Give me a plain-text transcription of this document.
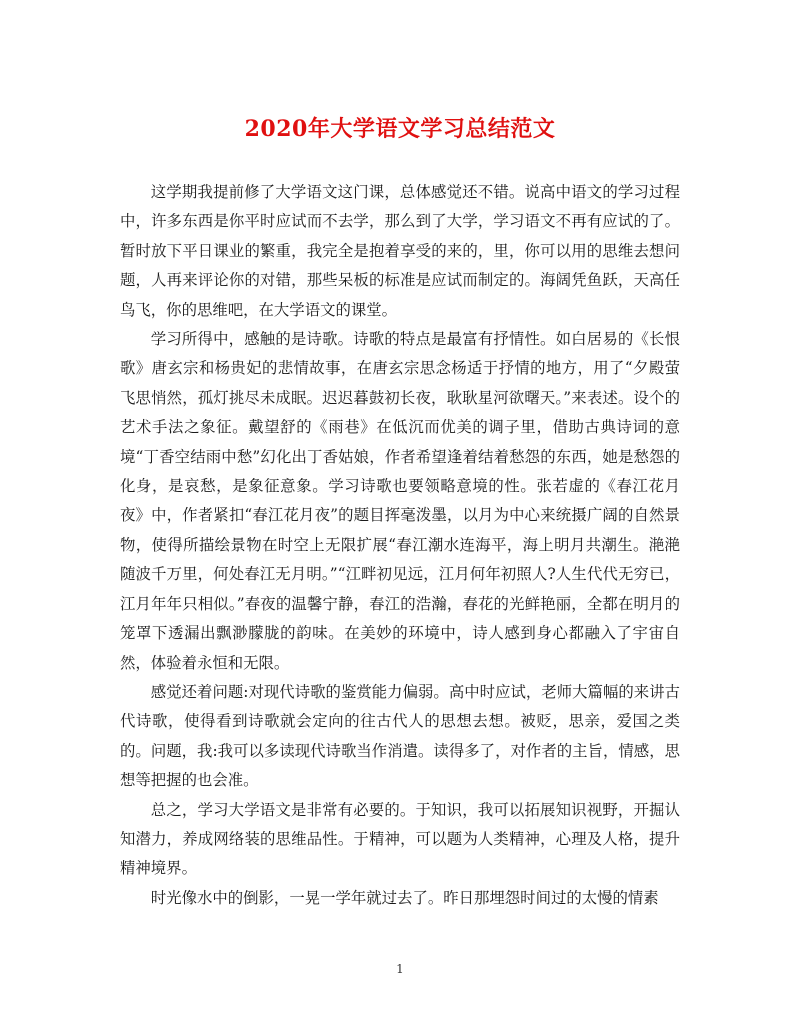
2020年大学语文学习总结范文

这学期我提前修了大学语文这门课，总体感觉还不错。说高中语文的学习过程中，许多东西是你平时应试而不去学，那么到了大学，学习语文不再有应试的了。暂时放下平日课业的繁重，我完全是抱着享受的来的，里，你可以用的思维去想问题，人再来评论你的对错，那些呆板的标准是应试而制定的。海阔凭鱼跃，天高任鸟飞，你的思维吧，在大学语文的课堂。

学习所得中，感触的是诗歌。诗歌的特点是最富有抒情性。如白居易的《长恨歌》唐玄宗和杨贵妃的悲情故事，在唐玄宗思念杨适于抒情的地方，用了“夕殿萤飞思悄然，孤灯挑尽未成眠。迟迟暮鼓初长夜，耿耿星河欲曙天。”来表述。设个的艺术手法之象征。戴望舒的《雨巷》在低沉而优美的调子里，借助古典诗词的意境“丁香空结雨中愁”幻化出丁香姑娘，作者希望逢着结着愁怨的东西，她是愁怨的化身，是哀愁，是象征意象。学习诗歌也要领略意境的性。张若虚的《春江花月夜》中，作者紧扣“春江花月夜”的题目挥毫泼墨，以月为中心来统摄广阔的自然景物，使得所描绘景物在时空上无限扩展“春江潮水连海平，海上明月共潮生。滟滟随波千万里，何处春江无月明。”“江畔初见远，江月何年初照人?人生代代无穷已，江月年年只相似。”春夜的温馨宁静，春江的浩瀚，春花的光鲜艳丽，全都在明月的笼罩下透漏出飘渺朦胧的韵味。在美妙的环境中，诗人感到身心都融入了宇宙自然，体验着永恒和无限。

感觉还着问题:对现代诗歌的鉴赏能力偏弱。高中时应试，老师大篇幅的来讲古代诗歌，使得看到诗歌就会定向的往古代人的思想去想。被贬，思亲，爱国之类的。问题，我:我可以多读现代诗歌当作消遣。读得多了，对作者的主旨，情感，思想等把握的也会准。

总之，学习大学语文是非常有必要的。于知识，我可以拓展知识视野，开掘认知潜力，养成网络装的思维品性。于精神，可以题为人类精神，心理及人格，提升精神境界。

时光像水中的倒影，一晃一学年就过去了。昨日那埋怨时间过的太慢的情素

1
